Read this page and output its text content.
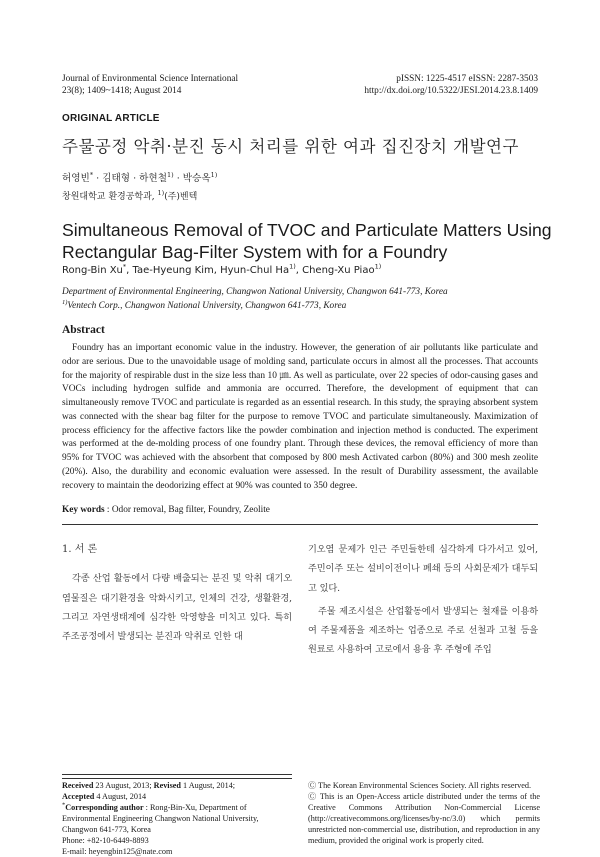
Journal of Environmental Science International
23(8); 1409~1418; August 2014
pISSN: 1225-4517 eISSN: 2287-3503
http://dx.doi.org/10.5322/JESI.2014.23.8.1409
ORIGINAL ARTICLE
주물공정 악취·분진 동시 처리를 위한 여과 집진장치 개발연구
허영빈* · 김태형 · 하현철$^{1)}$ · 박승옥$^{1)}$
창원대학교 환경공학과, $^{1)}$(주)벤텍
Simultaneous Removal of TVOC and Particulate Matters Using
Rectangular Bag-Filter System with for a Foundry
Rong-Bin Xu*, Tae-Hyeung Kim, Hyun-Chul Ha$^{1)}$, Cheng-Xu Piao$^{1)}$
Department of Environmental Engineering, Changwon National University, Changwon 641-773, Korea
$^{1)}$Ventech Corp., Changwon National University, Changwon 641-773, Korea
Abstract
Foundry has an important economic value in the industry. However, the generation of air pollutants like particulate and odor are serious. Due to the unavoidable usage of molding sand, particulate occurs in almost all the processes. That accounts for the majority of respirable dust in the size less than 10 ㎛. As well as particulate, over 22 species of odor-causing gases and VOCs including hydrogen sulfide and ammonia are occurred. Therefore, the development of equipment that can simultaneously remove TVOC and particulate is regarded as an essential research. In this study, the spraying absorbent system was connected with the shear bag filter for the purpose to remove TVOC and particulate simultaneously. Maximization of process efficiency for the affective factors like the powder combination and injection method is conducted. The experiment was performed at the de-molding process of one foundry plant. Through these devices, the removal efficiency of more than 95% for TVOC was achieved with the absorbent that composed by 800 mesh Activated carbon (80%) and 300 mesh zeolite (20%). Also, the durability and economic evaluation were assessed. In the result of Durability assessment, the available recovery to maintain the deodorizing effect at 90% was counted to 350 degree.
Key words : Odor removal, Bag filter, Foundry, Zeolite
1. 서 론
각종 산업 활동에서 다량 배출되는 분진 및 악취 대기오염물질은 대기환경을 악화시키고, 인체의 건강, 생활환경, 그리고 자연생태계에 심각한 악영향을 미치고 있다. 특히 주조공정에서 발생되는 분진과 악취로 인한 대
기오염 문제가 인근 주민들한테 심각하게 다가서고 있어, 주민이주 또는 설비이전이나 폐쇄 등의 사회문제가 대두되고 있다.
주물 제조시설은 산업활동에서 발생되는 철재를 이용하여 주물제품을 제조하는 업종으로 주로 선철과 고철 등을 원료로 사용하여 고로에서 용융 후 주형에 주입
Received 23 August, 2013; Revised 1 August, 2014;
Accepted 4 August, 2014
*Corresponding author : Rong-Bin-Xu, Department of Environmental Engineering Changwon National University, Changwon 641-773, Korea
Phone: +82-10-6449-8893
E-mail: heyengbin125@nate.com
Ⓒ The Korean Environmental Sciences Society. All rights reserved.
Ⓒ This is an Open-Access article distributed under the terms of the Creative Commons Attribution Non-Commercial License (http://creativecommons.org/licenses/by-nc/3.0) which permits unrestricted non-commercial use, distribution, and reproduction in any medium, provided the original work is properly cited.
